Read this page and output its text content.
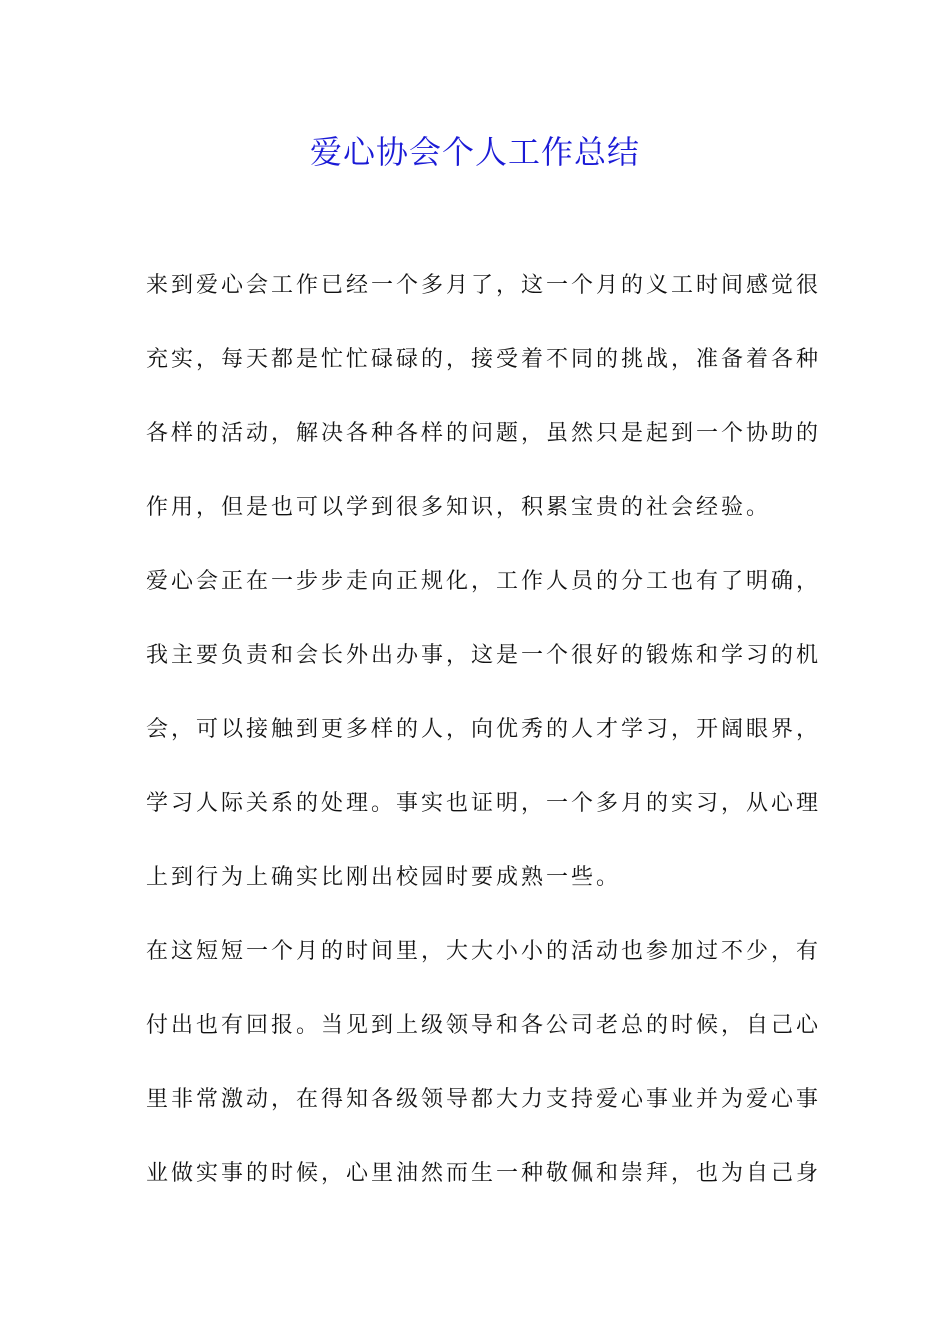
爱心协会个人工作总结
来到爱心会工作已经一个多月了，这一个月的义工时间感觉很
充实，每天都是忙忙碌碌的，接受着不同的挑战，准备着各种
各样的活动，解决各种各样的问题，虽然只是起到一个协助的
作用，但是也可以学到很多知识，积累宝贵的社会经验。
爱心会正在一步步走向正规化，工作人员的分工也有了明确，
我主要负责和会长外出办事，这是一个很好的锻炼和学习的机
会，可以接触到更多样的人，向优秀的人才学习，开阔眼界，
学习人际关系的处理。事实也证明，一个多月的实习，从心理
上到行为上确实比刚出校园时要成熟一些。
在这短短一个月的时间里，大大小小的活动也参加过不少，有
付出也有回报。当见到上级领导和各公司老总的时候，自己心
里非常激动，在得知各级领导都大力支持爱心事业并为爱心事
业做实事的时候，心里油然而生一种敬佩和崇拜，也为自己身
